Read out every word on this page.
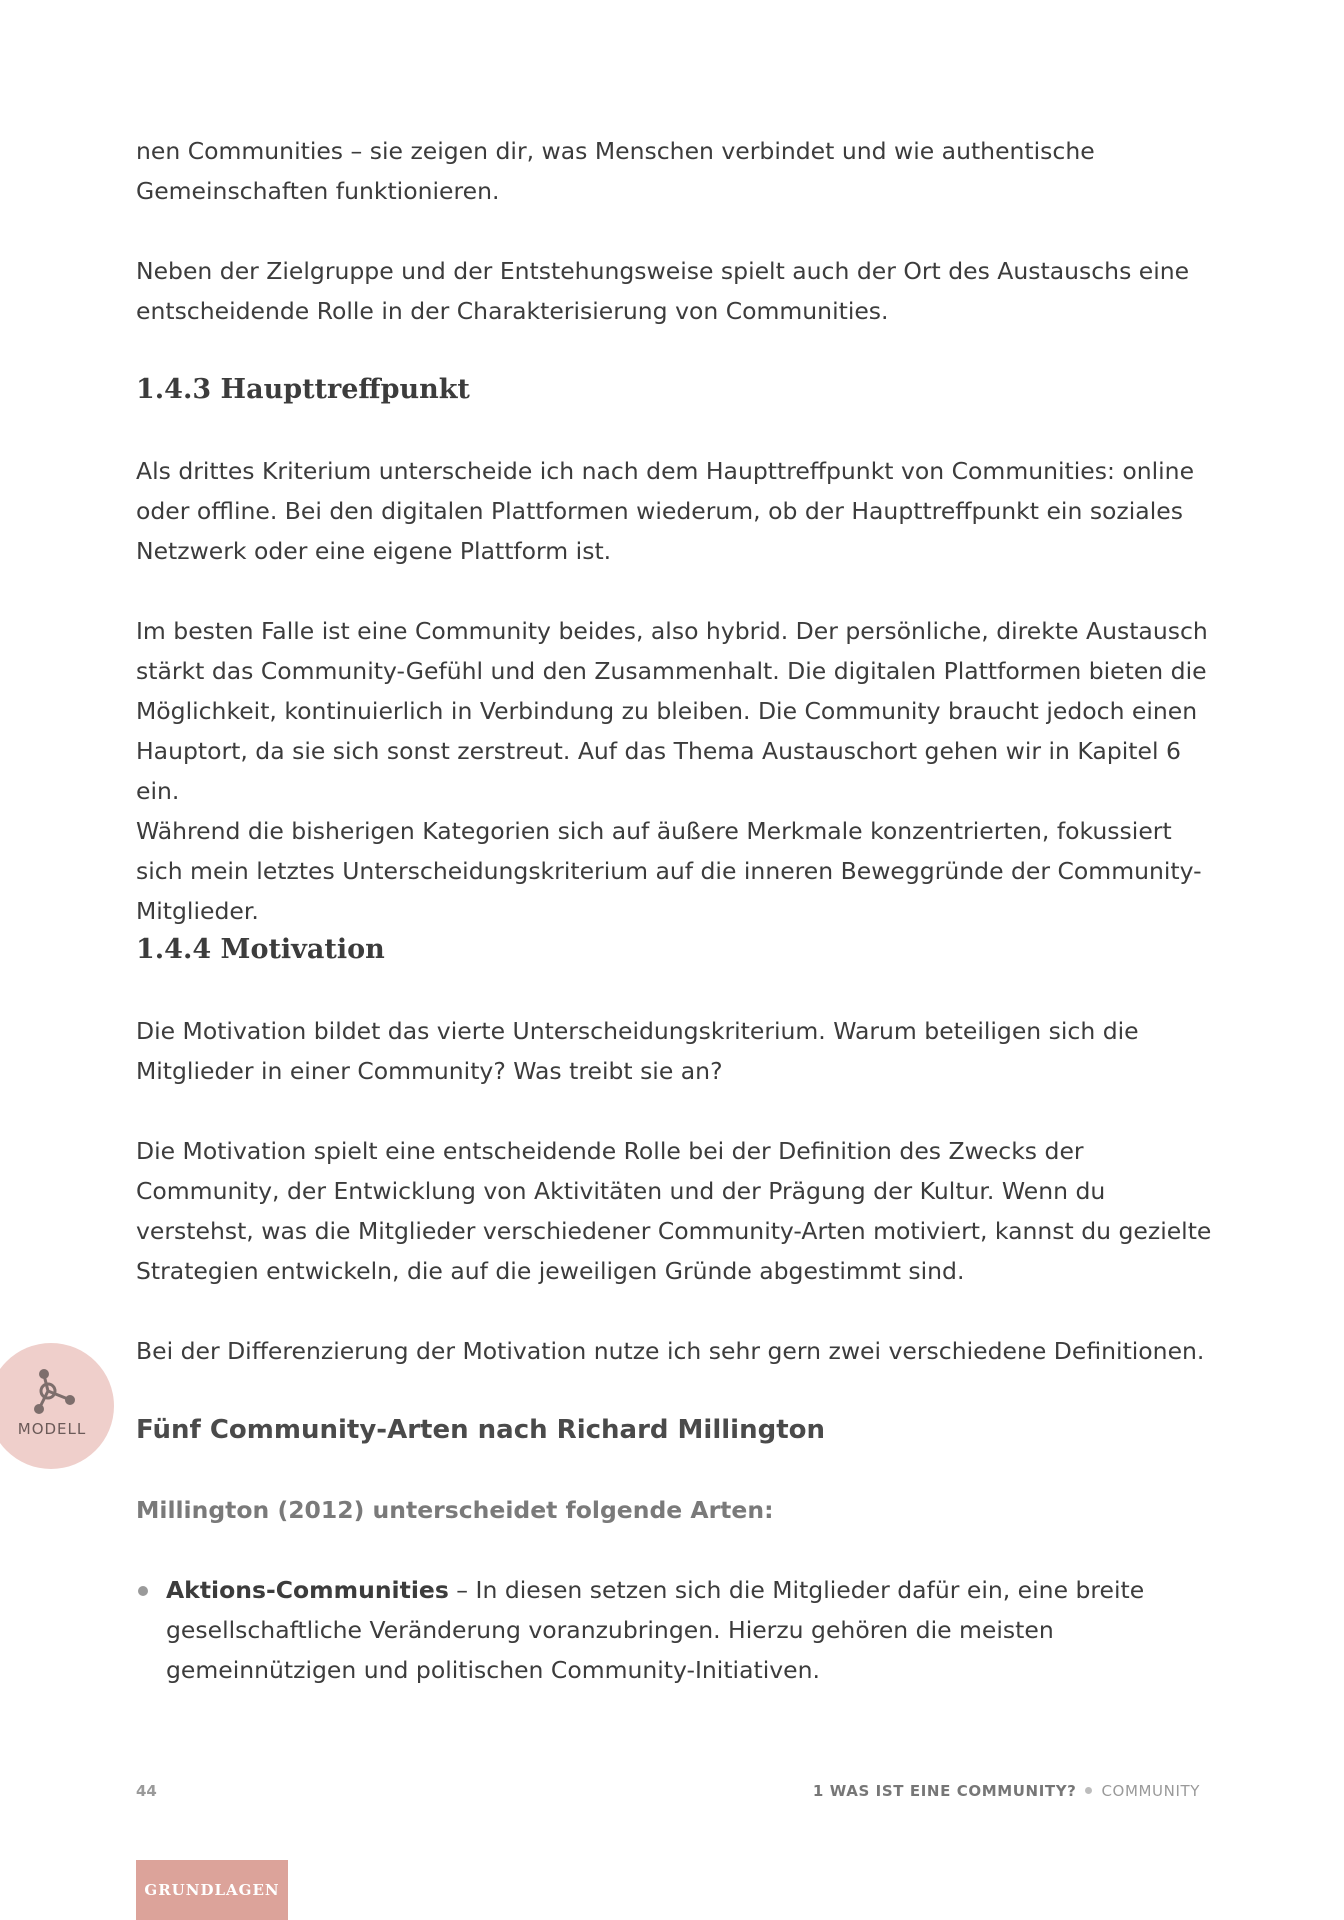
nen Communities – sie zeigen dir, was Menschen verbindet und wie authentische Gemeinschaften funktionieren.

Neben der Zielgruppe und der Entstehungsweise spielt auch der Ort des Austauschs eine entscheidende Rolle in der Charakterisierung von Communities.

1.4.3 Haupttreffpunkt

Als drittes Kriterium unterscheide ich nach dem Haupttreffpunkt von Communities: online oder offline. Bei den digitalen Plattformen wiederum, ob der Haupttreffpunkt ein soziales Netzwerk oder eine eigene Plattform ist.

Im besten Falle ist eine Community beides, also hybrid. Der persönliche, direkte Austausch stärkt das Community-Gefühl und den Zusammenhalt. Die digitalen Plattformen bieten die Möglichkeit, kontinuierlich in Verbindung zu bleiben. Die Community braucht jedoch einen Hauptort, da sie sich sonst zerstreut. Auf das Thema Austauschort gehen wir in Kapitel 6 ein.

Während die bisherigen Kategorien sich auf äußere Merkmale konzentrierten, fokussiert sich mein letztes Unterscheidungskriterium auf die inneren Beweggründe der Community-Mitglieder.

1.4.4 Motivation

Die Motivation bildet das vierte Unterscheidungskriterium. Warum beteiligen sich die Mitglieder in einer Community? Was treibt sie an?

Die Motivation spielt eine entscheidende Rolle bei der Definition des Zwecks der Community, der Entwicklung von Aktivitäten und der Prägung der Kultur. Wenn du verstehst, was die Mitglieder verschiedener Community-Arten motiviert, kannst du gezielte Strategien entwickeln, die auf die jeweiligen Gründe abgestimmt sind.

Bei der Differenzierung der Motivation nutze ich sehr gern zwei verschiedene Definitionen.

Fünf Community-Arten nach Richard Millington

Millington (2012) unterscheidet folgende Arten:

Aktions-Communities – In diesen setzen sich die Mitglieder dafür ein, eine breite gesellschaftliche Veränderung voranzubringen. Hierzu gehören die meisten gemeinnützigen und politischen Community-Initiativen.

MODELL
44	1 WAS IST EINE COMMUNITY? COMMUNITY
GRUNDLAGEN
